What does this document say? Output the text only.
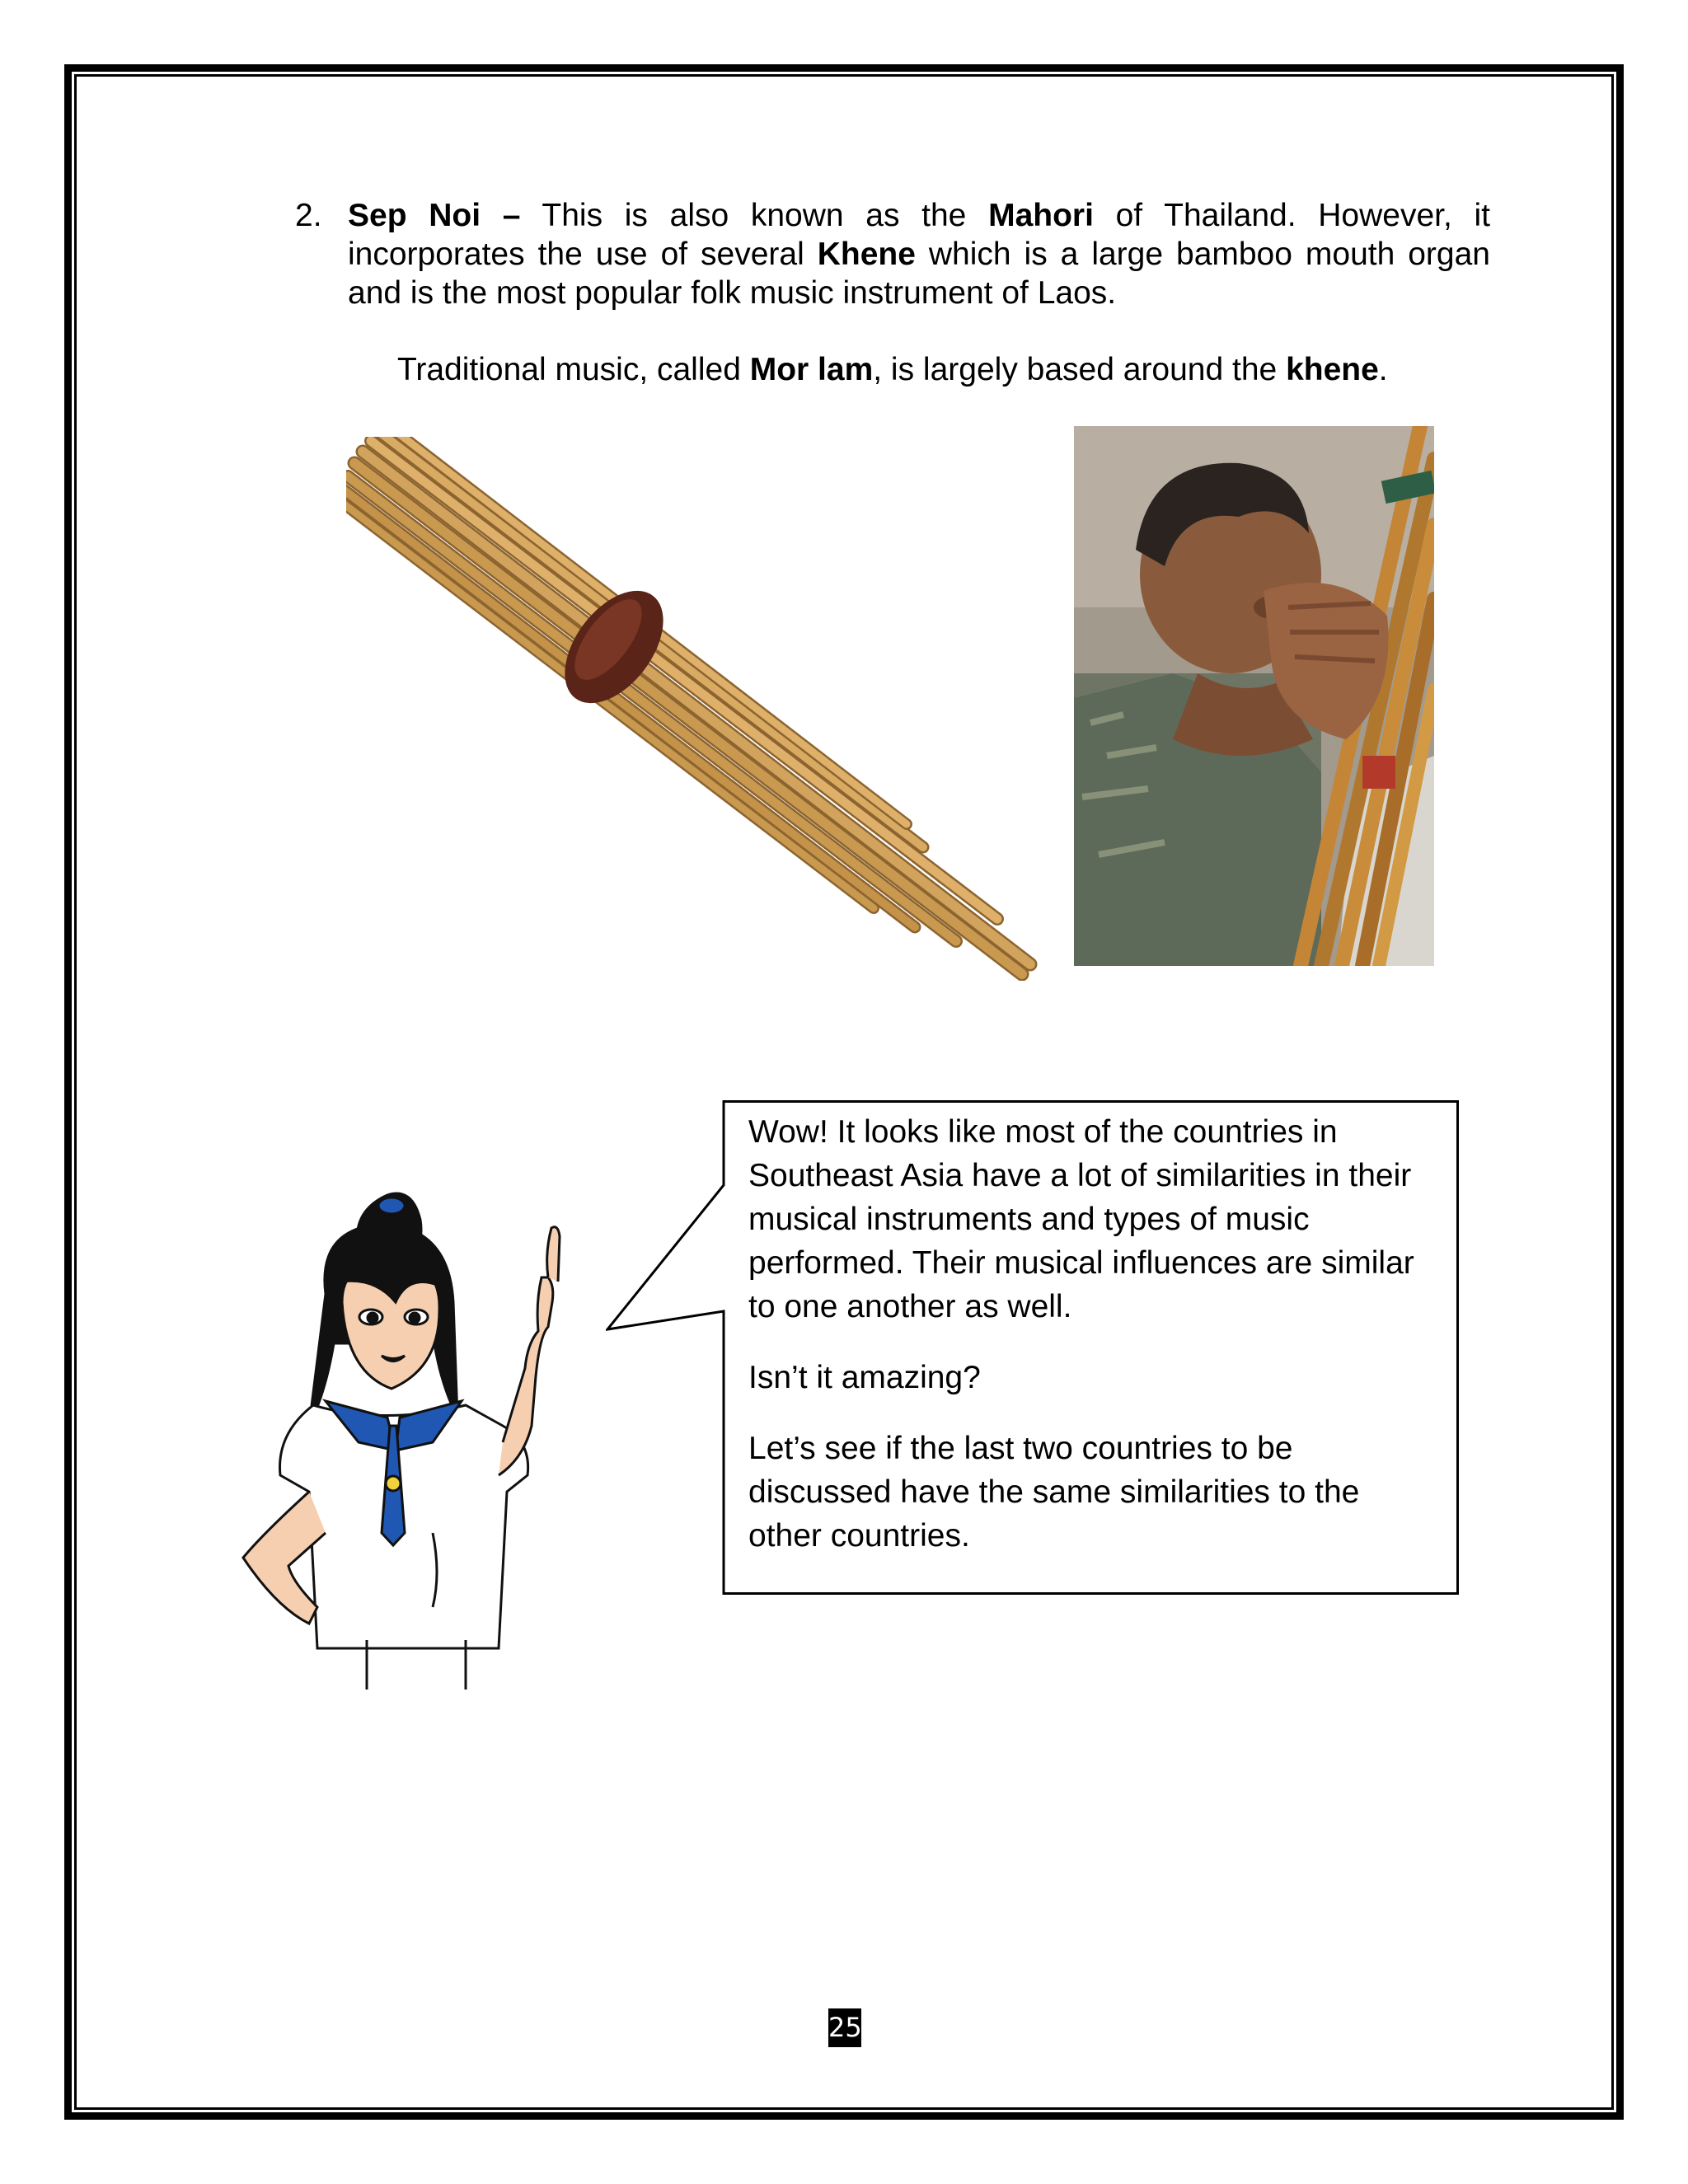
2. Sep Noi – This is also known as the Mahori of Thailand. However, it incorporates the use of several Khene which is a large bamboo mouth organ and is the most popular folk music instrument of Laos.
Traditional music, called Mor lam, is largely based around the khene.

Wow! It looks like most of the countries in Southeast Asia have a lot of similarities in their musical instruments and types of music performed. Their musical influences are similar to one another as well.

Isn’t it amazing?

Let’s see if the last two countries to be discussed have the same similarities to the other countries.

25
